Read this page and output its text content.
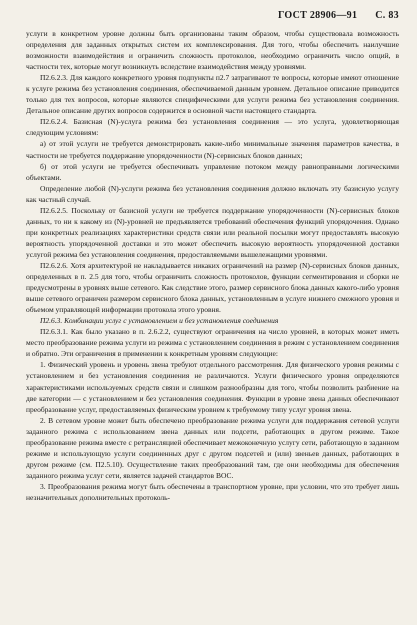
ГОСТ 28906—91 С. 83

услуги в конкретном уровне должны быть организованы таким образом, чтобы существовала возможность определения для заданных открытых систем их комплексирования. Для того, чтобы обеспечить наилучшие возможности взаимодействия и ограничить сложность протоколов, необходимо ограничить число опций, в частности тех, которые могут возникнуть вследствие взаимодействия между уровнями.

П2.6.2.3. Для каждого конкретного уровня подпункты п2.7 затрагивают те вопросы, которые имеют отношение к услуге режима без установления соединения, обеспечиваемой данным уровнем. Детальное описание приводится только для тех вопросов, которые являются специфическими для услуги режима без установления соединения. Детальное описание других вопросов содержится в основной части настоящего стандарта.

П2.6.2.4. Базисная (N)-услуга режима без установления соединения — это услуга, удовлетворяющая следующим условиям:

а) от этой услуги не требуется демонстрировать какие-либо минимальные значения параметров качества, в частности не требуется поддержание упорядоченности (N)-сервисных блоков данных;

б) от этой услуги не требуется обеспечивать управление потоком между равноправными логическими объектами.

Определение любой (N)-услуги режима без установления соединения должно включать эту базисную услугу как частный случай.

П2.6.2.5. Поскольку от базисной услуги не требуется поддержание упорядоченности (N)-сервисных блоков данных, то ни к какому из (N)-уровней не предъявляется требований обеспечения функций упорядочения. Однако при конкретных реализациях характеристики средств связи или реальной посылки могут предоставлять высокую вероятность упорядоченной доставки и это может обеспечить высокую вероятность упорядоченной доставки услугой режима без установления соединения, предоставляемыми вышележащими уровнями.

П2.6.2.6. Хотя архитектурой не накладывается никаких ограничений на размер (N)-сервисных блоков данных, определенных в п. 2.5 для того, чтобы ограничить сложность протоколов, функции сегментирования и сборки не предусмотрены в уровнях выше сетевого. Как следствие этого, размер сервисного блока данных какого-либо уровня выше сетевого ограничен размером сервисного блока данных, установленным в услуге нижнего смежного уровня и объемом управляющей информации протокола этого уровня.

П2.6.3. Комбинации услуг с установлением и без установления соединения

П2.6.3.1. Как было указано в п. 2.6.2.2, существуют ограничения на число уровней, в которых может иметь место преобразование режима услуги из режима с установлением соединения в режим с установлением соединения и обратно. Эти ограничения в применении к конкретным уровням следующие:

1. Физический уровень и уровень звена требуют отдельного рассмотрения. Для физического уровня режимы с установлением и без установления соединения не различаются. Услуги физического уровня определяются характеристиками используемых средств связи и слишком разнообразны для того, чтобы позволить разбиение на две категории — с установлением и без установления соединения. Функции в уровне звена данных обеспечивают преобразование услуг, предоставляемых физическим уровнем к требуемому типу услуг уровня звена.

2. В сетевом уровне может быть обеспечено преобразование режима услуги для поддержания сетевой услуги заданного режима с использованием звена данных или подсети, работающих в другом режиме. Такое преобразование режима вместе с ретрансляцией обеспечивает межоконечную услугу сети, работающую в заданном режиме и использующую услуги соединенных друг с другом подсетей и (или) звеньев данных, работающих в другом режиме (см. П2.5.10). Осуществление таких преобразований там, где они необходимы для обеспечения заданного режима услуг сети, является задачей стандартов ВОС.

3. Преобразования режима могут быть обеспечены в транспортном уровне, при условии, что это требует лишь незначительных дополнительных протоколь-
